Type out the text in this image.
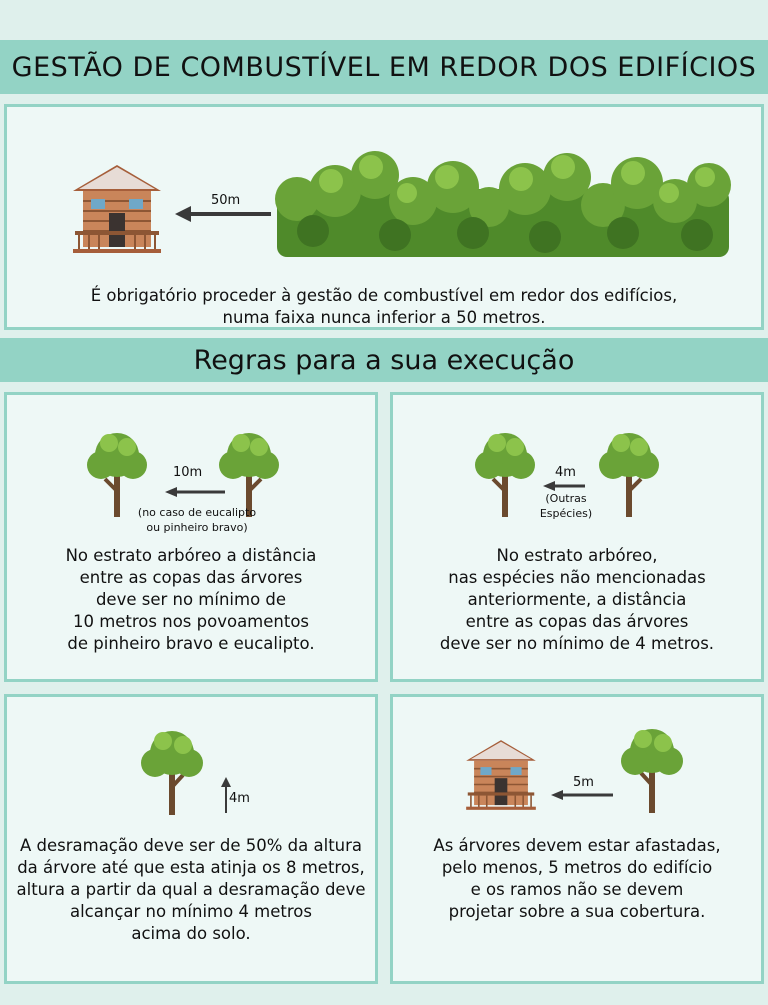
GESTÃO DE COMBUSTÍVEL EM REDOR DOS EDIFÍCIOS
50m
É obrigatório proceder à gestão de combustível em redor dos edifícios,
numa faixa nunca inferior a 50 metros.
Regras para a sua execução
10m
(no caso de eucalipto
ou pinheiro bravo)
No estrato arbóreo a distância
entre as copas das árvores
deve ser no mínimo de
10 metros nos povoamentos
de pinheiro bravo e eucalipto.
4m
(Outras
Espécies)
No estrato arbóreo,
nas espécies não mencionadas
anteriormente, a distância
entre as copas das árvores
deve ser no mínimo de 4 metros.
4m
A desramação deve ser de 50% da altura
da árvore até que esta atinja os 8 metros,
altura a partir da qual a desramação deve
alcançar no mínimo 4 metros
acima do solo.
5m
As árvores devem estar afastadas,
pelo menos, 5 metros do edifício
e os ramos não se devem
projetar sobre a sua cobertura.
